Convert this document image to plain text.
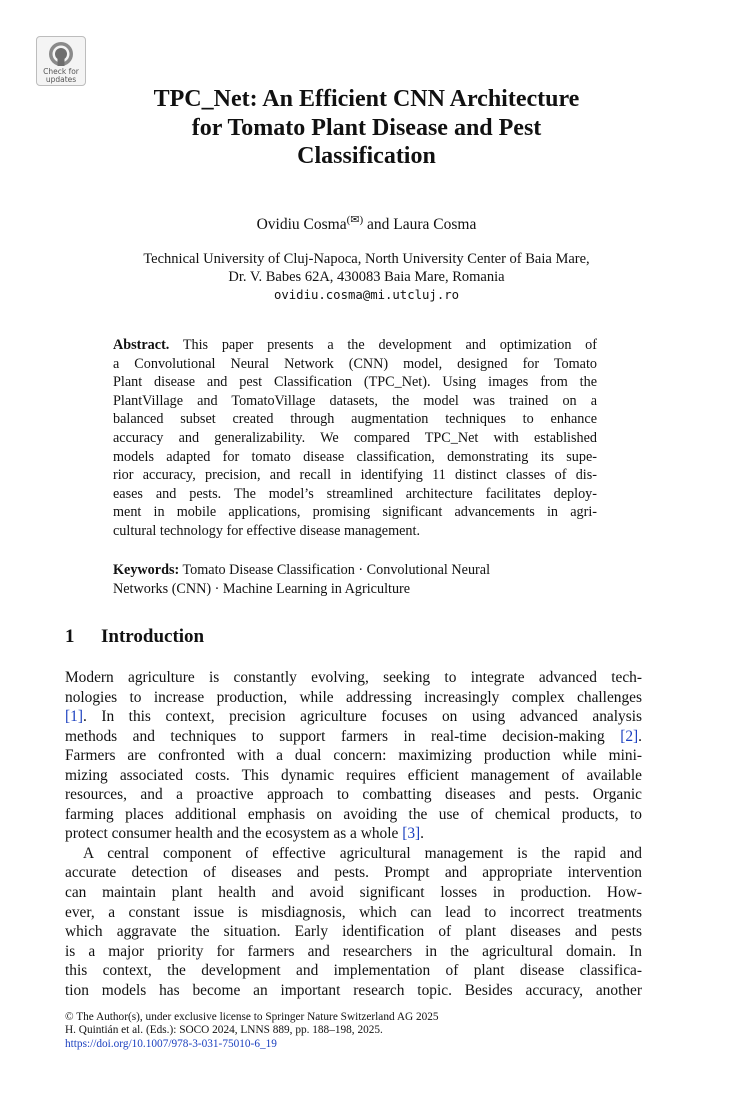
Check for
updates
TPC_Net: An Efficient CNN Architecture
for Tomato Plant Disease and Pest
Classification
Ovidiu Cosma(✉) and Laura Cosma
Technical University of Cluj-Napoca, North University Center of Baia Mare,
Dr. V. Babes 62A, 430083 Baia Mare, Romania
ovidiu.cosma@mi.utcluj.ro
Abstract. This paper presents a the development and optimization of
a Convolutional Neural Network (CNN) model, designed for Tomato
Plant disease and pest Classification (TPC_Net). Using images from the
PlantVillage and TomatoVillage datasets, the model was trained on a
balanced subset created through augmentation techniques to enhance
accuracy and generalizability. We compared TPC_Net with established
models adapted for tomato disease classification, demonstrating its supe-
rior accuracy, precision, and recall in identifying 11 distinct classes of dis-
eases and pests. The model’s streamlined architecture facilitates deploy-
ment in mobile applications, promising significant advancements in agri-
cultural technology for effective disease management.
Keywords: Tomato Disease Classification · Convolutional Neural
Networks (CNN) · Machine Learning in Agriculture
1 Introduction
Modern agriculture is constantly evolving, seeking to integrate advanced tech-
nologies to increase production, while addressing increasingly complex challenges
[1]. In this context, precision agriculture focuses on using advanced analysis
methods and techniques to support farmers in real-time decision-making [2].
Farmers are confronted with a dual concern: maximizing production while mini-
mizing associated costs. This dynamic requires efficient management of available
resources, and a proactive approach to combatting diseases and pests. Organic
farming places additional emphasis on avoiding the use of chemical products, to
protect consumer health and the ecosystem as a whole [3].
A central component of effective agricultural management is the rapid and
accurate detection of diseases and pests. Prompt and appropriate intervention
can maintain plant health and avoid significant losses in production. How-
ever, a constant issue is misdiagnosis, which can lead to incorrect treatments
which aggravate the situation. Early identification of plant diseases and pests
is a major priority for farmers and researchers in the agricultural domain. In
this context, the development and implementation of plant disease classifica-
tion models has become an important research topic. Besides accuracy, another
© The Author(s), under exclusive license to Springer Nature Switzerland AG 2025
H. Quintián et al. (Eds.): SOCO 2024, LNNS 889, pp. 188–198, 2025.
https://doi.org/10.1007/978-3-031-75010-6_19
